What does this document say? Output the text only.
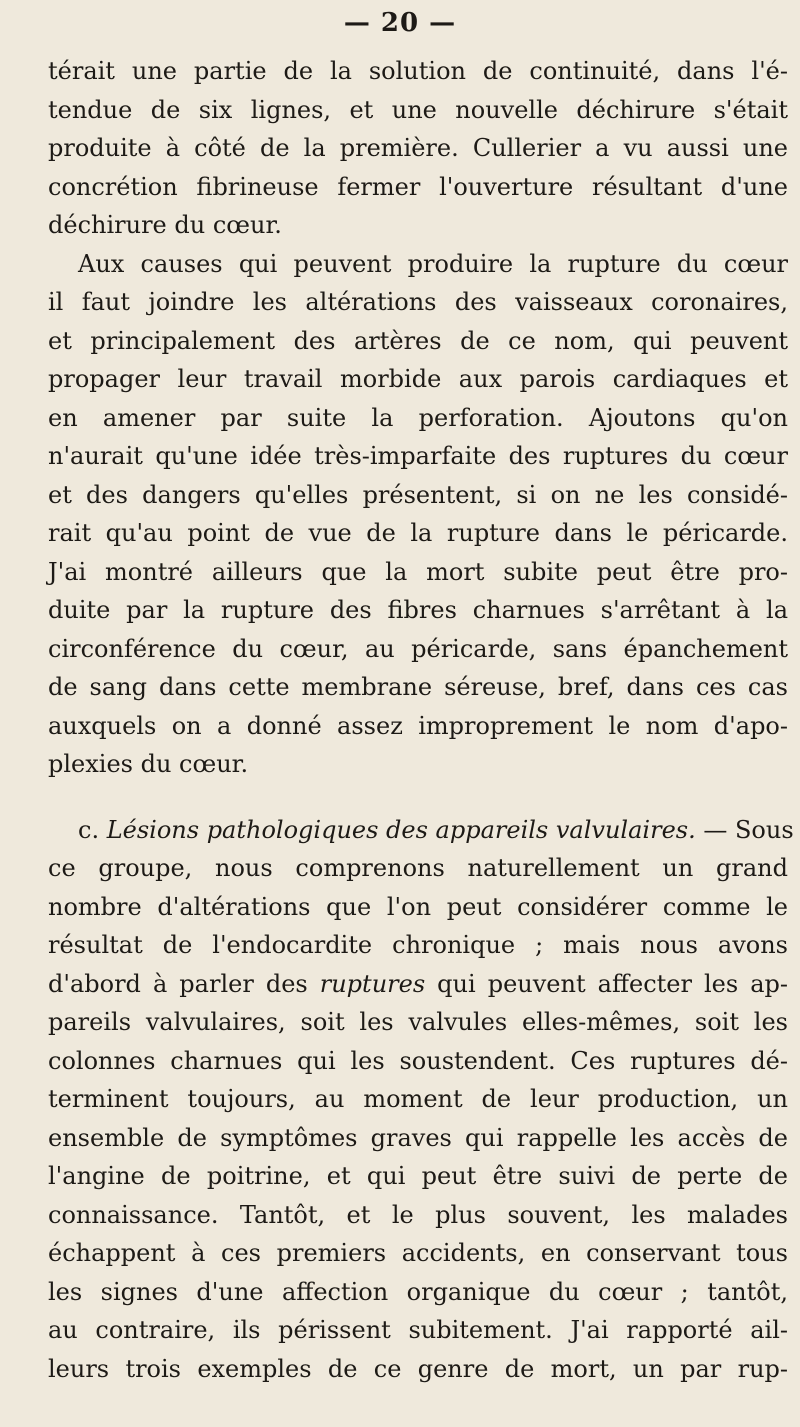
— 20 —
térait une partie de la solution de continuité, dans l'é-
tendue de six lignes, et une nouvelle déchirure s'était
produite à côté de la première. Cullerier a vu aussi une
concrétion fibrineuse fermer l'ouverture résultant d'une
déchirure du cœur.
Aux causes qui peuvent produire la rupture du cœur
il faut joindre les altérations des vaisseaux coronaires,
et principalement des artères de ce nom, qui peuvent
propager leur travail morbide aux parois cardiaques et
en amener par suite la perforation. Ajoutons qu'on
n'aurait qu'une idée très-imparfaite des ruptures du cœur
et des dangers qu'elles présentent, si on ne les considé-
rait qu'au point de vue de la rupture dans le péricarde.
J'ai montré ailleurs que la mort subite peut être pro-
duite par la rupture des fibres charnues s'arrêtant à la
circonférence du cœur, au péricarde, sans épanchement
de sang dans cette membrane séreuse, bref, dans ces cas
auxquels on a donné assez improprement le nom d'apo-
plexies du cœur.
c. Lésions pathologiques des appareils valvulaires. — Sous
ce groupe, nous comprenons naturellement un grand
nombre d'altérations que l'on peut considérer comme le
résultat de l'endocardite chronique ; mais nous avons
d'abord à parler des ruptures qui peuvent affecter les ap-
pareils valvulaires, soit les valvules elles-mêmes, soit les
colonnes charnues qui les soustendent. Ces ruptures dé-
terminent toujours, au moment de leur production, un
ensemble de symptômes graves qui rappelle les accès de
l'angine de poitrine, et qui peut être suivi de perte de
connaissance. Tantôt, et le plus souvent, les malades
échappent à ces premiers accidents, en conservant tous
les signes d'une affection organique du cœur ; tantôt,
au contraire, ils périssent subitement. J'ai rapporté ail-
leurs trois exemples de ce genre de mort, un par rup-
